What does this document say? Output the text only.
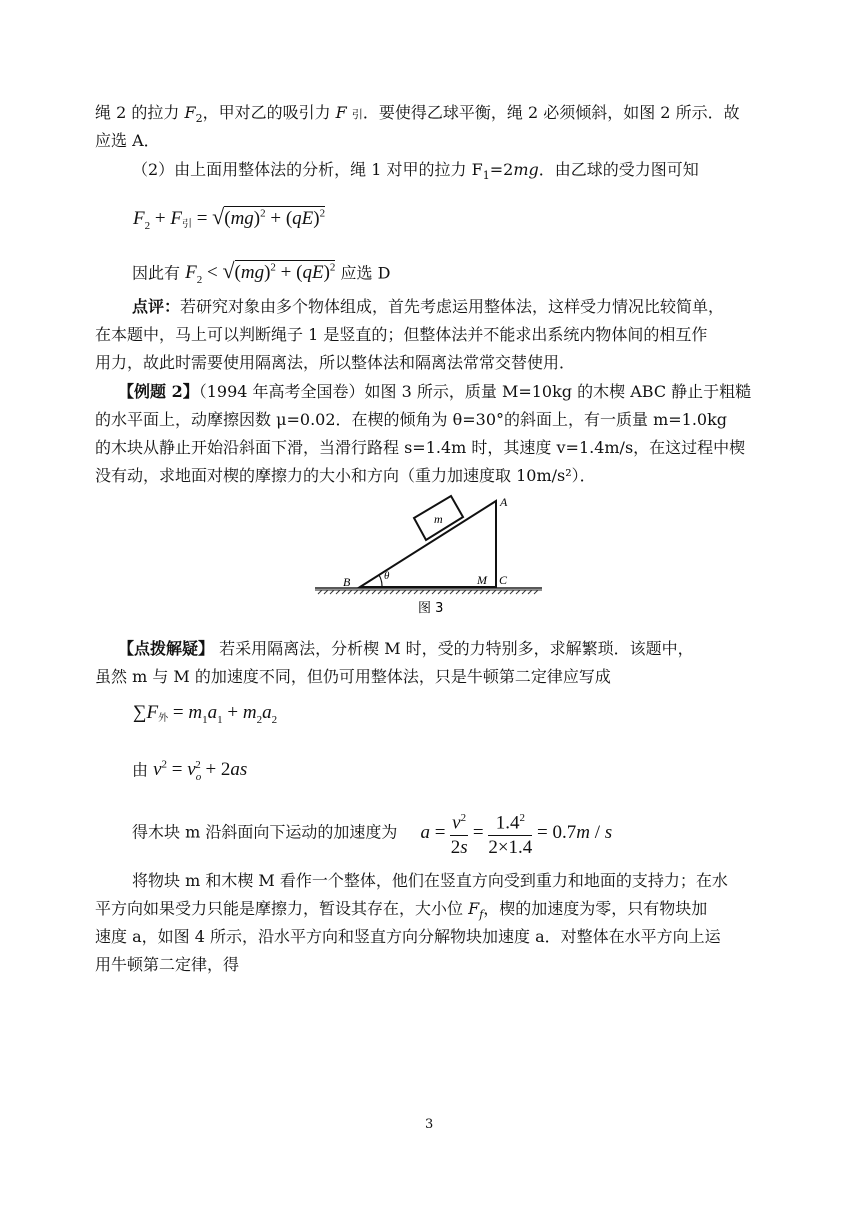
绳 2 的拉力 $F_2$，甲对乙的吸引力 F 引．要使得乙球平衡，绳 2 必须倾斜，如图 2 所示．故
应选 A．
（2）由上面用整体法的分析，绳 1 对甲的拉力 $F_1=2mg$．由乙球的受力图可知
$F_2 + F$引 = √(mg)$^2$ + (qE)$^2$
因此有 $F_2 < √(mg)^2 + (qE)^2$ 应选 D
点评：若研究对象由多个物体组成，首先考虑运用整体法，这样受力情况比较简单，
在本题中，马上可以判断绳子 1 是竖直的；但整体法并不能求出系统内物体间的相互作
用力，故此时需要使用隔离法，所以整体法和隔离法常常交替使用．
【例题 2】（1994 年高考全国卷）如图 3 所示，质量 M=10kg 的木楔 ABC 静止于粗糙
的水平面上，动摩擦因数 μ=0.02．在楔的倾角为 θ=30°的斜面上，有一质量 m=1.0kg
的木块从静止开始沿斜面下滑，当滑行路程 s=1.4m 时，其速度 v=1.4m/s，在这过程中楔
没有动，求地面对楔的摩擦力的大小和方向（重力加速度取 10m/s²）．
m
A
B	C
M
θ
图 3
【点拨解疑】 若采用隔离法，分析楔 M 时，受的力特别多，求解繁琐．该题中，
虽然 m 与 M 的加速度不同，但仍可用整体法，只是牛顿第二定律应写成
∑F外 = $m_1a_1 + m_2a_2$
由 $v^2 = v_o^2 + 2as$
得木块 m 沿斜面向下运动的加速度为 $a = \frac{v^2}{2s} = \frac{1.4^2}{2\times 1.4} = 0.7m / s$
将物块 m 和木楔 M 看作一个整体，他们在竖直方向受到重力和地面的支持力；在水
平方向如果受力只能是摩擦力，暂设其存在，大小位 $F_f$，楔的加速度为零，只有物块加
速度 a，如图 4 所示，沿水平方向和竖直方向分解物块加速度 a．对整体在水平方向上运
用牛顿第二定律，得
3
